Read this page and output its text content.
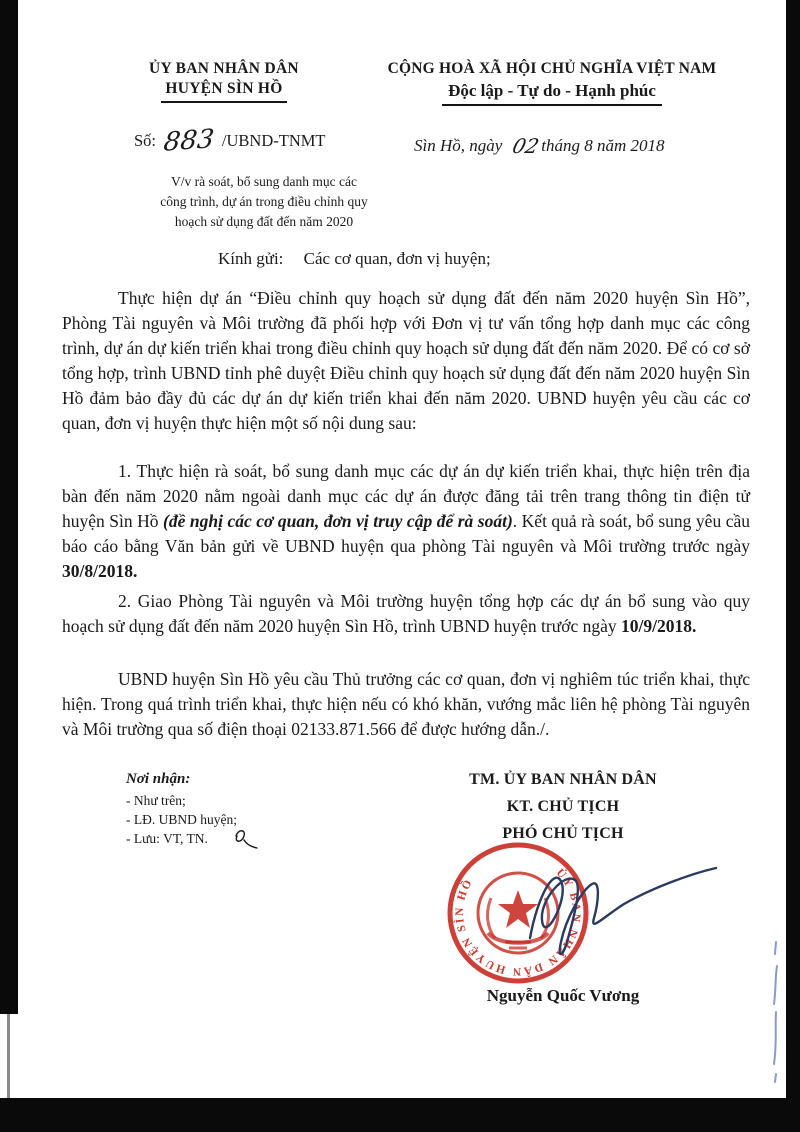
ỦY BAN NHÂN DÂN
HUYỆN SÌN HỒ
CỘNG HOÀ XÃ HỘI CHỦ NGHĨA VIỆT NAM
Độc lập - Tự do - Hạnh phúc
Số: 883 /UBND-TNMT	Sìn Hồ, ngày 02 tháng 8 năm 2018
V/v rà soát, bổ sung danh mục các
công trình, dự án trong điều chỉnh quy
hoạch sử dụng đất đến năm 2020
Kính gửi: Các cơ quan, đơn vị huyện;
Thực hiện dự án “Điều chỉnh quy hoạch sử dụng đất đến năm 2020 huyện Sìn Hồ”, Phòng Tài nguyên và Môi trường đã phối hợp với Đơn vị tư vấn tổng hợp danh mục các công trình, dự án dự kiến triển khai trong điều chỉnh quy hoạch sử dụng đất đến năm 2020. Để có cơ sở tổng hợp, trình UBND tỉnh phê duyệt Điều chỉnh quy hoạch sử dụng đất đến năm 2020 huyện Sìn Hồ đảm bảo đầy đủ các dự án dự kiến triển khai đến năm 2020. UBND huyện yêu cầu các cơ quan, đơn vị huyện thực hiện một số nội dung sau:
1. Thực hiện rà soát, bổ sung danh mục các dự án dự kiến triển khai, thực hiện trên địa bàn đến năm 2020 nằm ngoài danh mục các dự án được đăng tải trên trang thông tin điện tử huyện Sìn Hồ (đề nghị các cơ quan, đơn vị truy cập để rà soát). Kết quả rà soát, bổ sung yêu cầu báo cáo bằng Văn bản gửi về UBND huyện qua phòng Tài nguyên và Môi trường trước ngày 30/8/2018.
2. Giao Phòng Tài nguyên và Môi trường huyện tổng hợp các dự án bổ sung vào quy hoạch sử dụng đất đến năm 2020 huyện Sìn Hồ, trình UBND huyện trước ngày 10/9/2018.
UBND huyện Sìn Hồ yêu cầu Thủ trưởng các cơ quan, đơn vị nghiêm túc triển khai, thực hiện. Trong quá trình triển khai, thực hiện nếu có khó khăn, vướng mắc liên hệ phòng Tài nguyên và Môi trường qua số điện thoại 02133.871.566 để được hướng dẫn./.
Nơi nhận:
- Như trên;
- LĐ. UBND huyện;
- Lưu: VT, TN.
TM. ỦY BAN NHÂN DÂN
KT. CHỦ TỊCH
PHÓ CHỦ TỊCH
ỦY BAN NHÂN DÂN HUYỆN SÌN HỒ
Nguyễn Quốc Vương
